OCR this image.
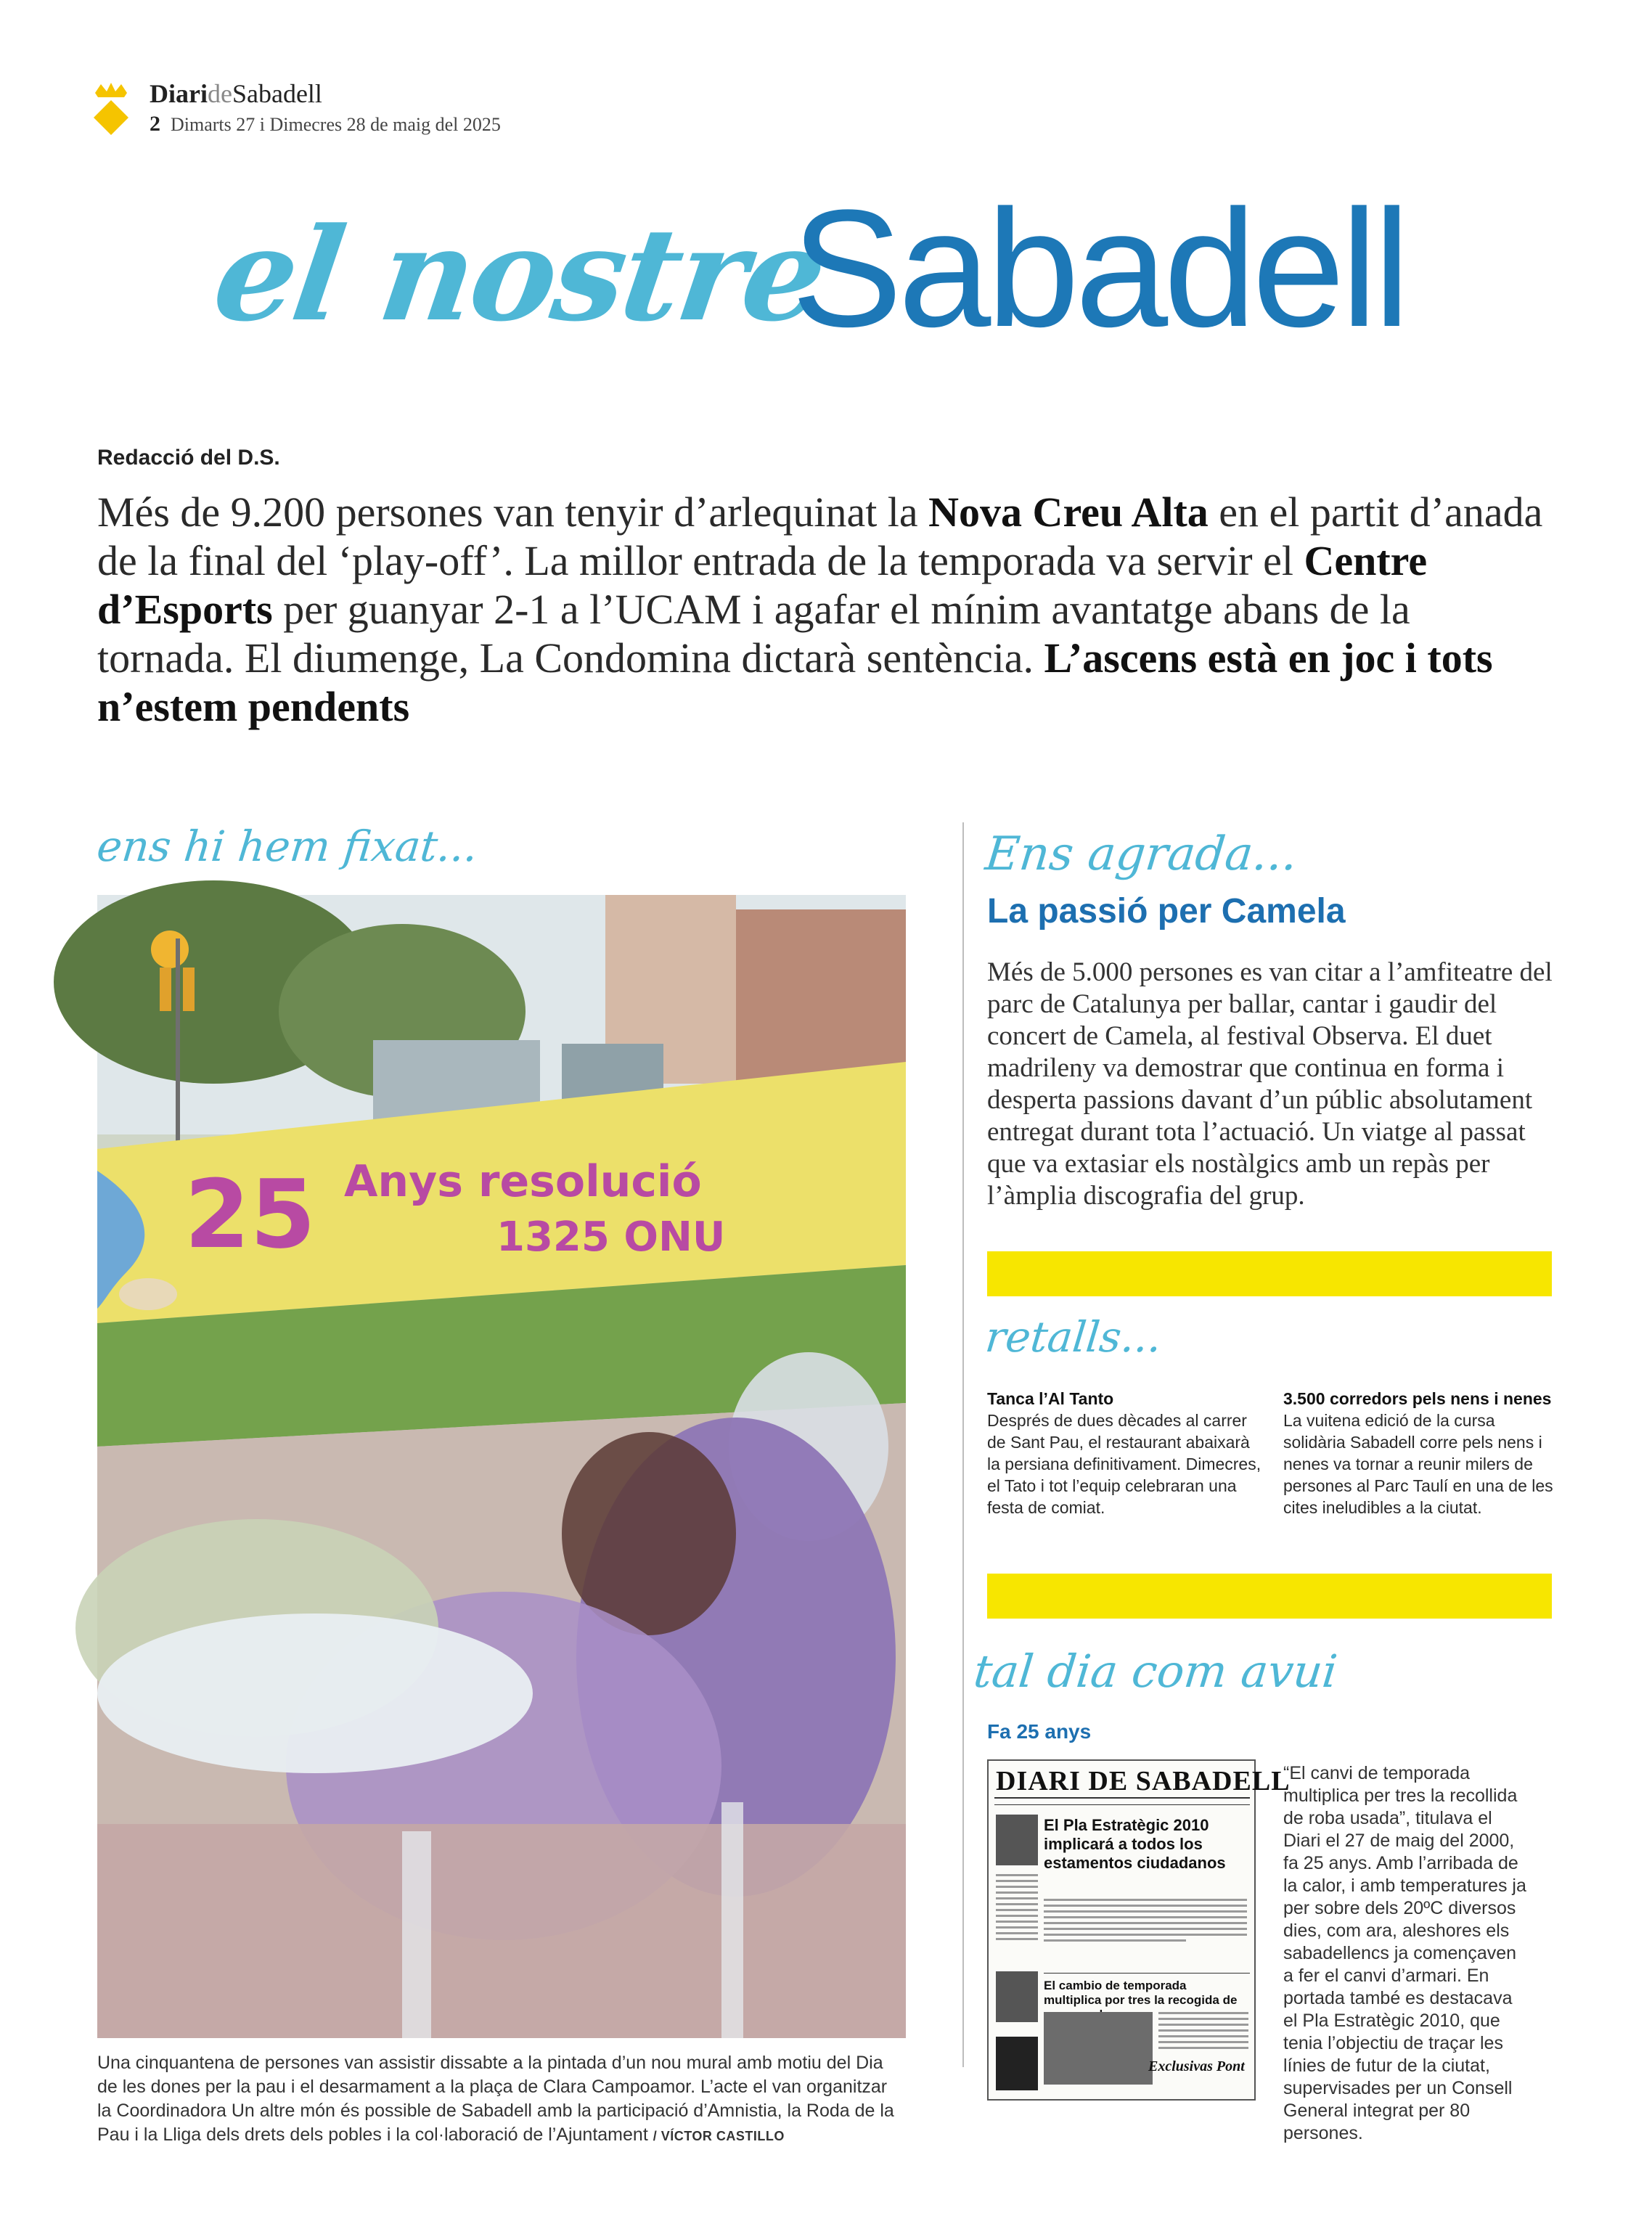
DiarideSabadell
2 Dimarts 27 i Dimecres 28 de maig del 2025
el nostre
Sabadell
Redacció del D.S.
Més de 9.200 persones van tenyir d’arlequinat la Nova Creu Alta en el partit d’anada de la final del ‘play-off’. La millor entrada de la temporada va servir el Centre d’Esports per guanyar 2-1 a l’UCAM i agafar el mínim avantatge abans de la tornada. El diumenge, La Condomina dictarà sentència. L’ascens està en joc i tots n’estem pendents
ens hi hem fixat...
25 Anys resolució
1325 ONU
Una cinquantena de persones van assistir dissabte a la pintada d’un nou mural amb motiu del Dia de les dones per la pau i el desarmament a la plaça de Clara Campoamor. L’acte el van organitzar la Coordinadora Un altre món és possible de Sabadell amb la participació d’Amnistia, la Roda de la Pau i la Lliga dels drets dels pobles i la col·laboració de l’Ajuntament / VÍCTOR CASTILLO
Ens agrada...
La passió per Camela
Més de 5.000 persones es van citar a l’amfiteatre del parc de Catalunya per ballar, cantar i gaudir del concert de Camela, al festival Observa. El duet madrileny va demostrar que continua en forma i desperta passions davant d’un públic absolutament entregat durant tota l’actuació. Un viatge al passat que va extasiar els nostàlgics amb un repàs per l’àmplia discografia del grup.
retalls...
Tanca l’Al Tanto
Després de dues dècades al carrer de Sant Pau, el restaurant abaixarà la persiana definitivament. Dimecres, el Tato i tot l’equip celebraran una festa de comiat.
3.500 corredors pels nens i nenes
La vuitena edició de la cursa solidària Sabadell corre pels nens i nenes va tornar a reunir milers de persones al Parc Taulí en una de les cites ineludibles a la ciutat.
tal dia com avui
Fa 25 anys
DIARI DE SABADELL
El Pla Estratègic 2010 implicará a todos los estamentos ciudadanos
El cambio de temporada multiplica por tres la recogida de
Exclusivas Pont
“El canvi de temporada multiplica per tres la recollida de roba usada”, titulava el Diari el 27 de maig del 2000, fa 25 anys. Amb l’arribada de la calor, i amb temperatures ja per sobre dels 20ºC diversos dies, com ara, aleshores els sabadellencs ja començaven a fer el canvi d’armari. En portada també es destacava el Pla Estratègic 2010, que tenia l’objectiu de traçar les línies de futur de la ciutat, supervisades per un Consell General integrat per 80 persones.
